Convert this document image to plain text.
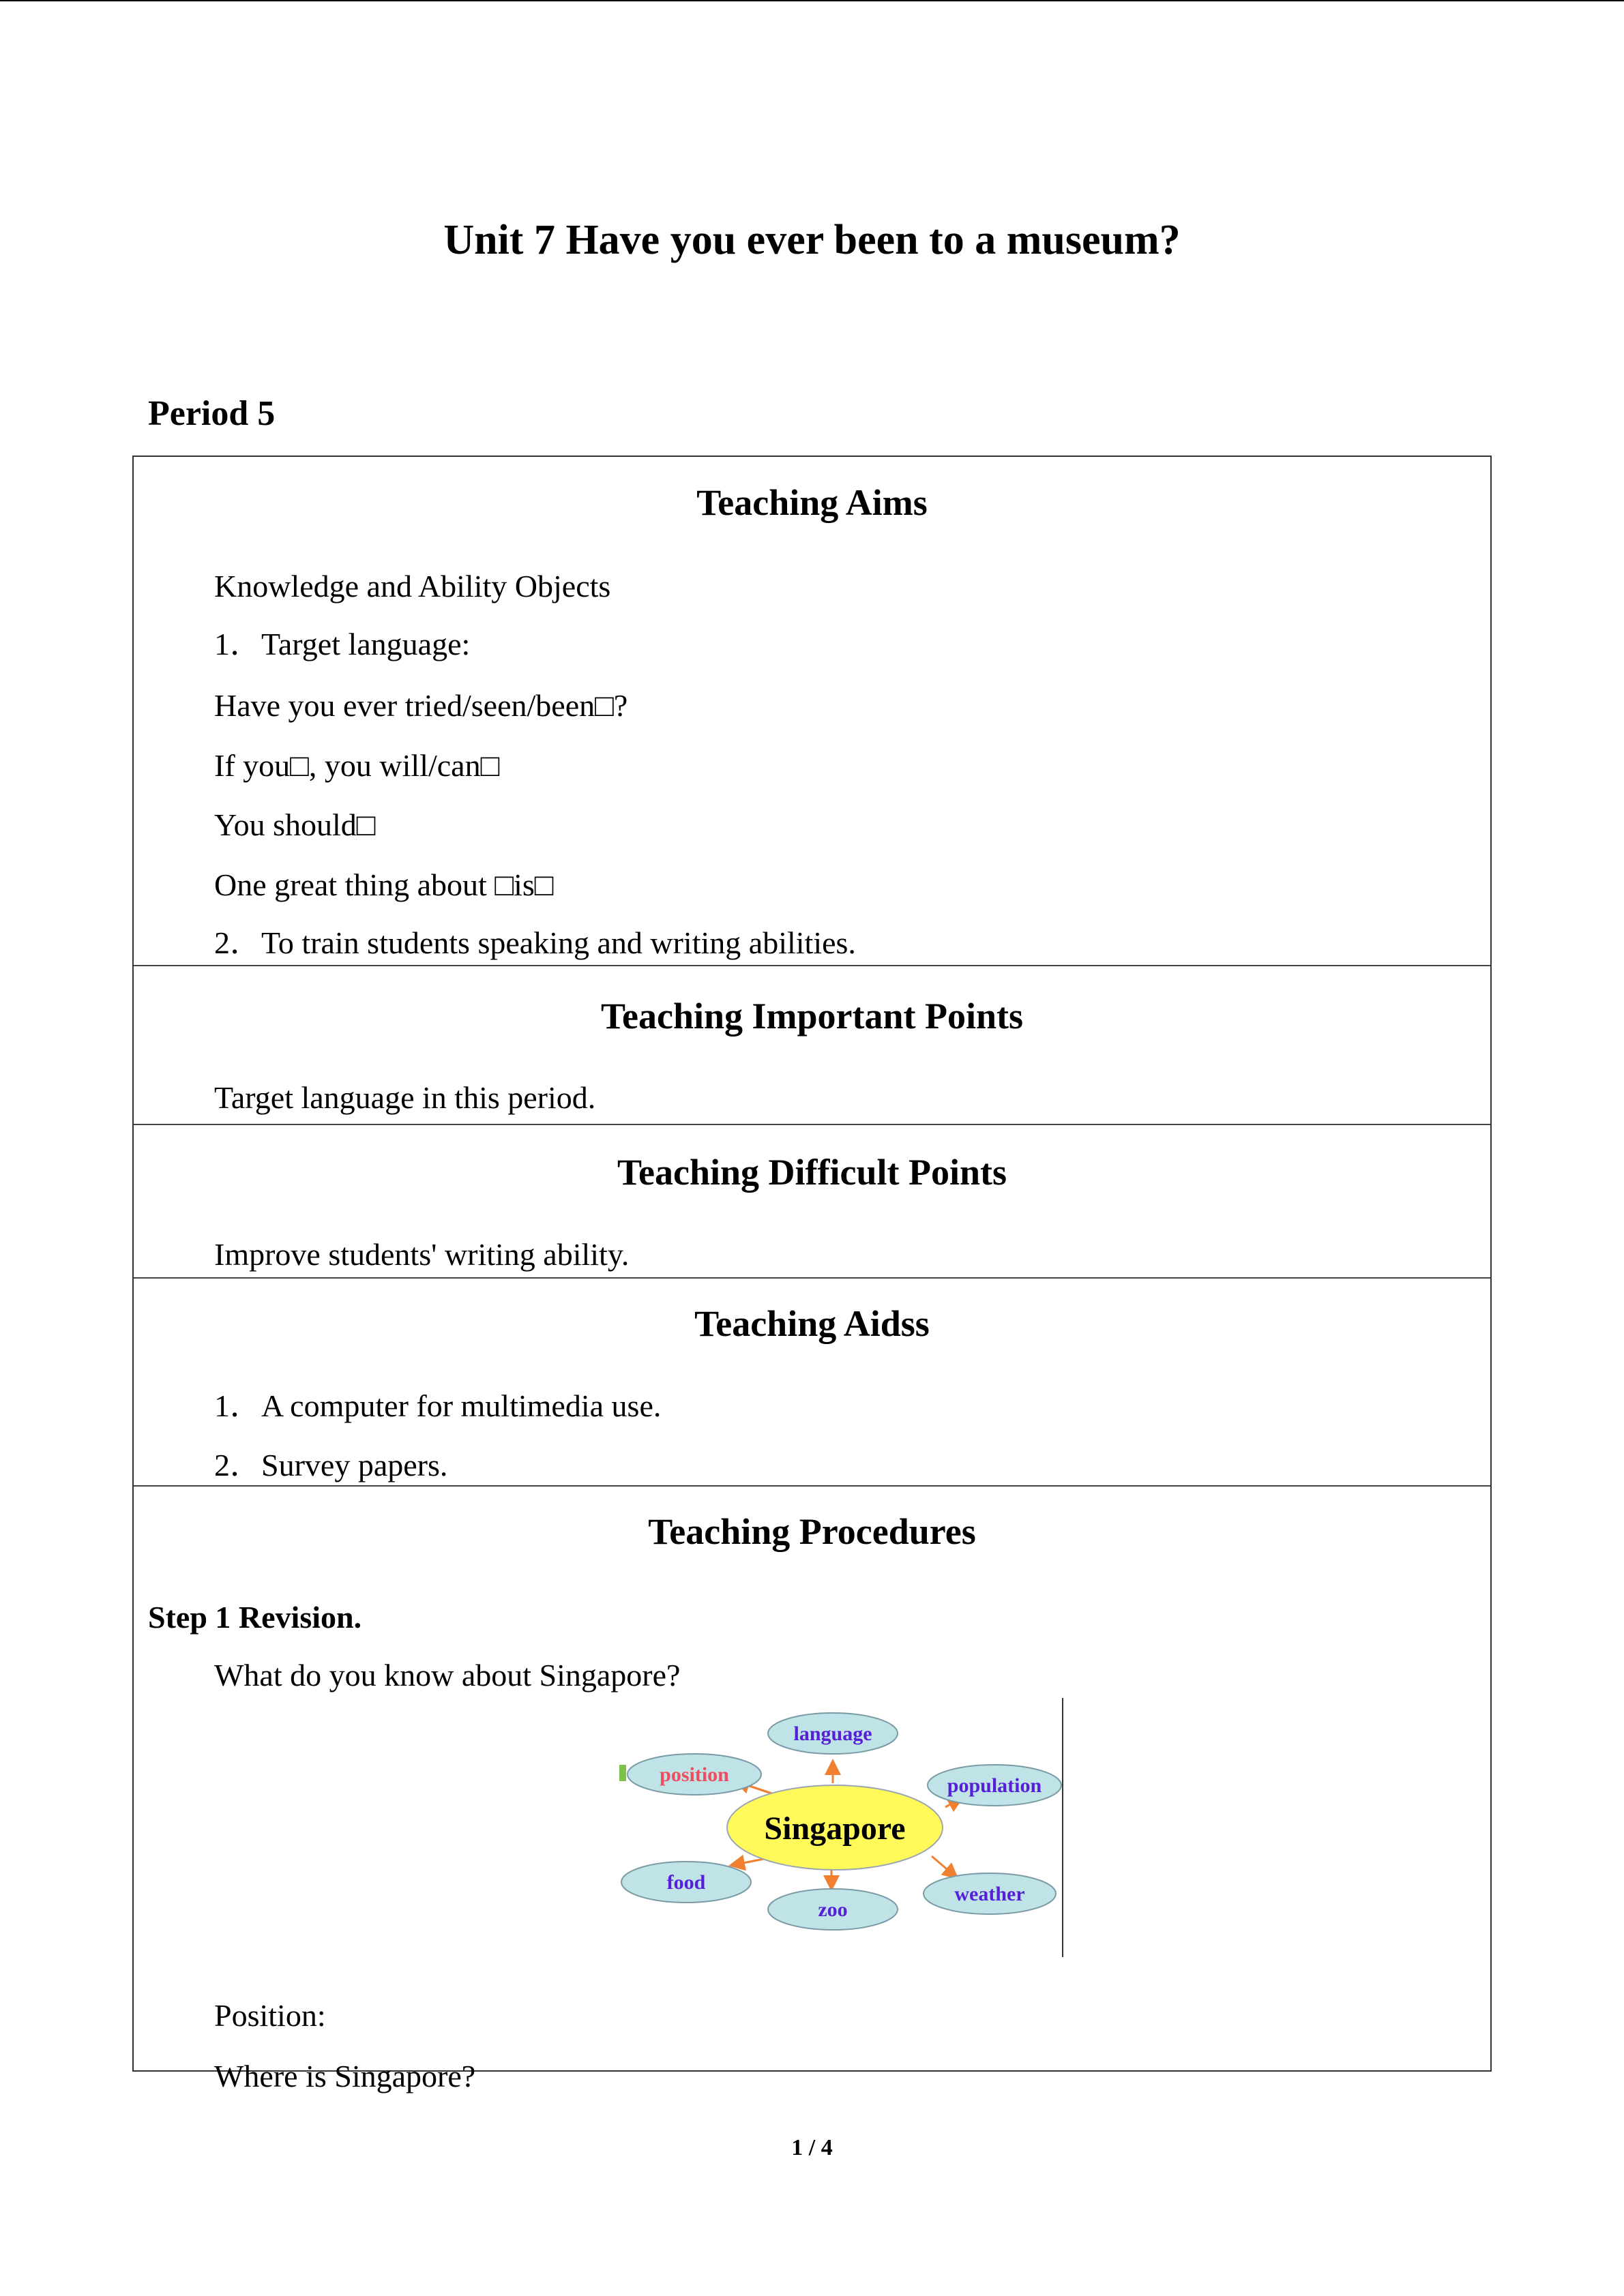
Unit 7 Have you ever been to a museum?
Period 5
Teaching Aims
Knowledge and Ability Objects
1．Target language:
Have you ever tried/seen/been□?
If you□, you will/can□
You should□
One great thing about □is□
2．To train students speaking and writing abilities.
Teaching Important Points
Target language in this period.
Teaching Difficult Points
Improve students' writing ability.
Teaching Aidss
1．A computer for multimedia use.
2．Survey papers.
Teaching Procedures
Step 1 Revision.
What do you know about Singapore?
language
position	population
Singapore
food
zoo
weather
Position:
Where is Singapore?
1 / 4
